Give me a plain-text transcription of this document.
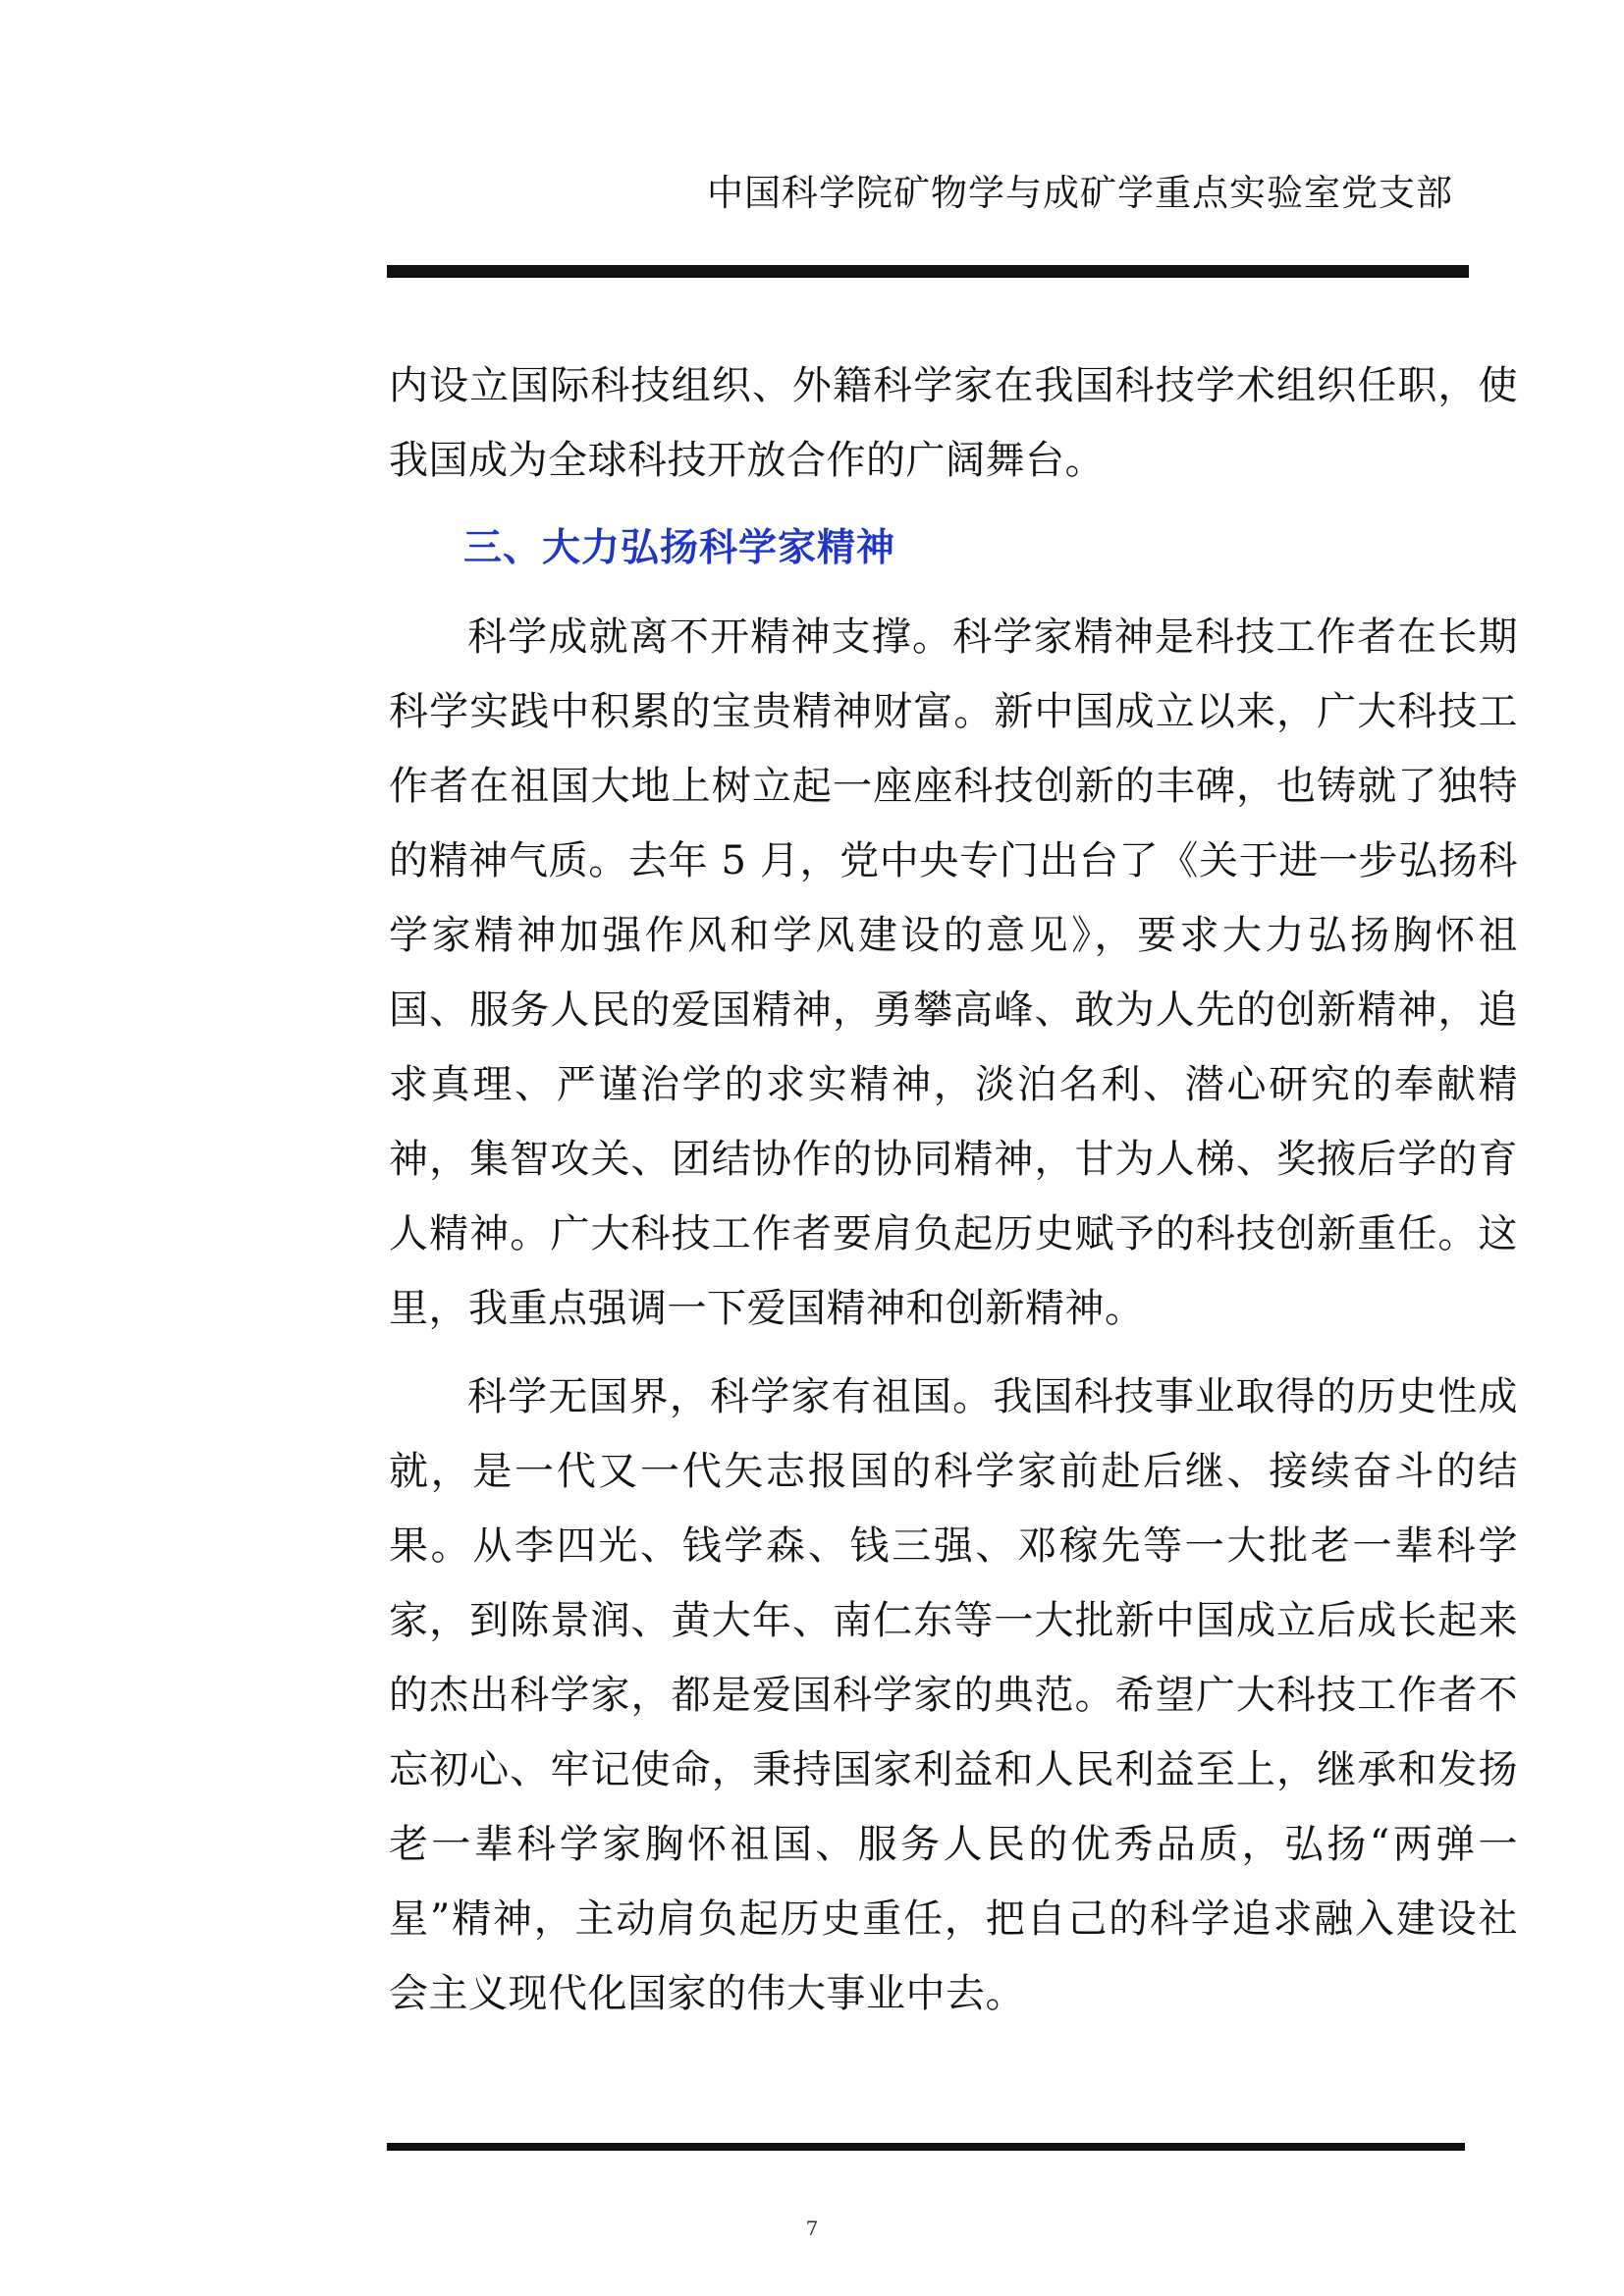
中国科学院矿物学与成矿学重点实验室党支部

内设立国际科技组织、外籍科学家在我国科技学术组织任职，使我国成为全球科技开放合作的广阔舞台。

三、大力弘扬科学家精神

科学成就离不开精神支撑。科学家精神是科技工作者在长期科学实践中积累的宝贵精神财富。新中国成立以来，广大科技工作者在祖国大地上树立起一座座科技创新的丰碑，也铸就了独特的精神气质。去年 5 月，党中央专门出台了《关于进一步弘扬科学家精神加强作风和学风建设的意见》，要求大力弘扬胸怀祖国、服务人民的爱国精神，勇攀高峰、敢为人先的创新精神，追求真理、严谨治学的求实精神，淡泊名利、潜心研究的奉献精神，集智攻关、团结协作的协同精神，甘为人梯、奖掖后学的育人精神。广大科技工作者要肩负起历史赋予的科技创新重任。这里，我重点强调一下爱国精神和创新精神。

科学无国界，科学家有祖国。我国科技事业取得的历史性成就，是一代又一代矢志报国的科学家前赴后继、接续奋斗的结果。从李四光、钱学森、钱三强、邓稼先等一大批老一辈科学家，到陈景润、黄大年、南仁东等一大批新中国成立后成长起来的杰出科学家，都是爱国科学家的典范。希望广大科技工作者不忘初心、牢记使命，秉持国家利益和人民利益至上，继承和发扬老一辈科学家胸怀祖国、服务人民的优秀品质，弘扬“两弹一星”精神，主动肩负起历史重任，把自己的科学追求融入建设社会主义现代化国家的伟大事业中去。

7
